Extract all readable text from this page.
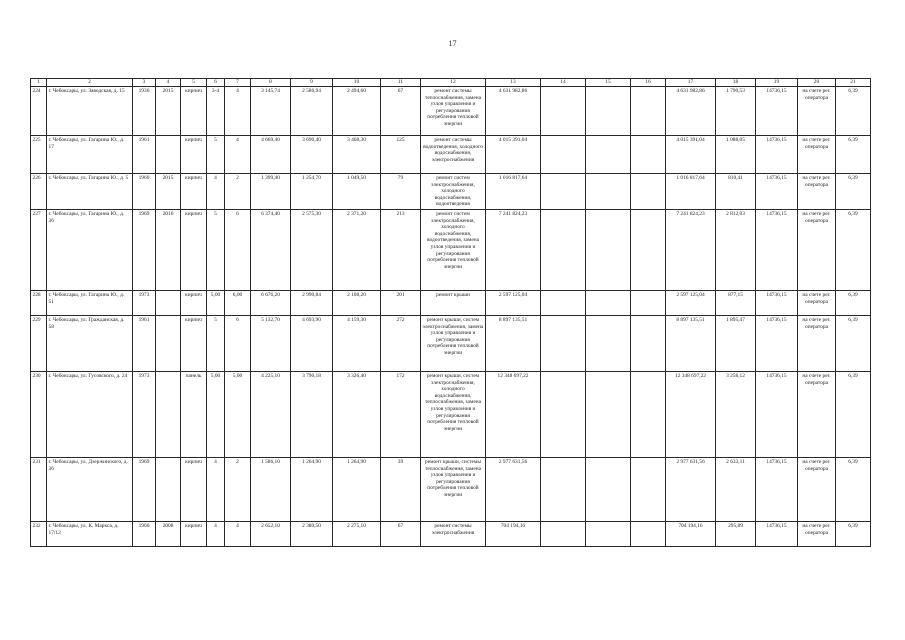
17
1	2	3	4	5	6	7	8	9	10	11	12	13	14	15	16	17	18	19	20	21
224	г. Чебоксары, ул. Заводская, д. 15	1936	2015	кирпич	3-4	4	3 145,74	2 586,94	2 494,60	67	ремонт системы теплоснабжения, замена узлов управления и регулирования потребления тепловой энергии	4 631 982,86				4 631 982,86	1 790,53	14736,15	на счете рег. оператора	6,39
225	г. Чебоксары, ул. Гагарина Ю., д. 17	1961		кирпич	5	4	4 669,40	3 690,40	3 468,30	125	ремонт системы водоотведения, холодного водоснабжения, электроснабжения	4 015 391,04				4 015 391,04	1 088,05	14736,15	на счете рег. оператора	6,39
226	г. Чебоксары, ул. Гагарина Ю., д. 5	1960	2015	кирпич	4	2	1 399,40	1 254,70	1 049,50	79	ремонт систем электроснабжения, холодного водоснабжения, водоотведения	1 016 817,64				1 016 817,64	810,41	14736,15	на счете рег. оператора	6,39
227	г. Чебоксары, ул. Гагарина Ю., д. 36	1969	2016	кирпич	5	6	6 374,40	2 575,30	2 371,20	213	ремонт систем электроснабжения, холодного водоснабжения, водоотведения, замена узлов управления и регулирования потребления тепловой энергии	7 241 824,23				7 241 824,23	2 812,03	14736,15	на счете рег. оператора	6,39
228	г. Чебоксары, ул. Гагарина Ю., д. 51	1973		кирпич	5,00	6,00	6 676,20	2 990,84	2 108,20	201	ремонт крыши	2 597 125,04				2 597 125,04	877,15	14736,15	на счете рег. оператора	6,39
229	г. Чебоксары, ул. Гражданская, д. 58	1961		кирпич	5	6	5 132,70	4 693,90	4 159,30	272	ремонт крыши, систем электроснабжения, замена узлов управления и регулирования потребления тепловой энергии	8 897 135,51				8 897 135,51	1 895,47	14736,15	на счете рег. оператора	6,39
230	г. Чебоксары, ул. Гусовского, д. 24	1973		панель	5,00	5,00	4 225,10	3 790,18	3 326,40	172	ремонт крыши, систем электроснабжения, холодного водоснабжения, теплоснабжения, замена узлов управления и регулирования потребления тепловой энергии	12 348 697,22				12 348 697,22	3 258,12	14736,15	на счете рег. оператора	6,39
231	г. Чебоксары, ул. Дзержинского, д. 36	1969		кирпич	4	2	1 586,10	1 264,90	1 264,90	39	ремонт крыши, системы теплоснабжения, замена узлов управления и регулирования потребления тепловой энергии	2 977 631,56				2 977 631,56	2 633,11	14736,15	на счете рег. оператора	6,39
232	г. Чебоксары, ул. К. Маркса, д. 17/12	1960	2008	кирпич	4	4	2 652,10	2 380,50	2 275,10	67	ремонт системы электроснабжения	704 194,16				704 194,16	295,89	14736,15	на счете рег. оператора	6,39
